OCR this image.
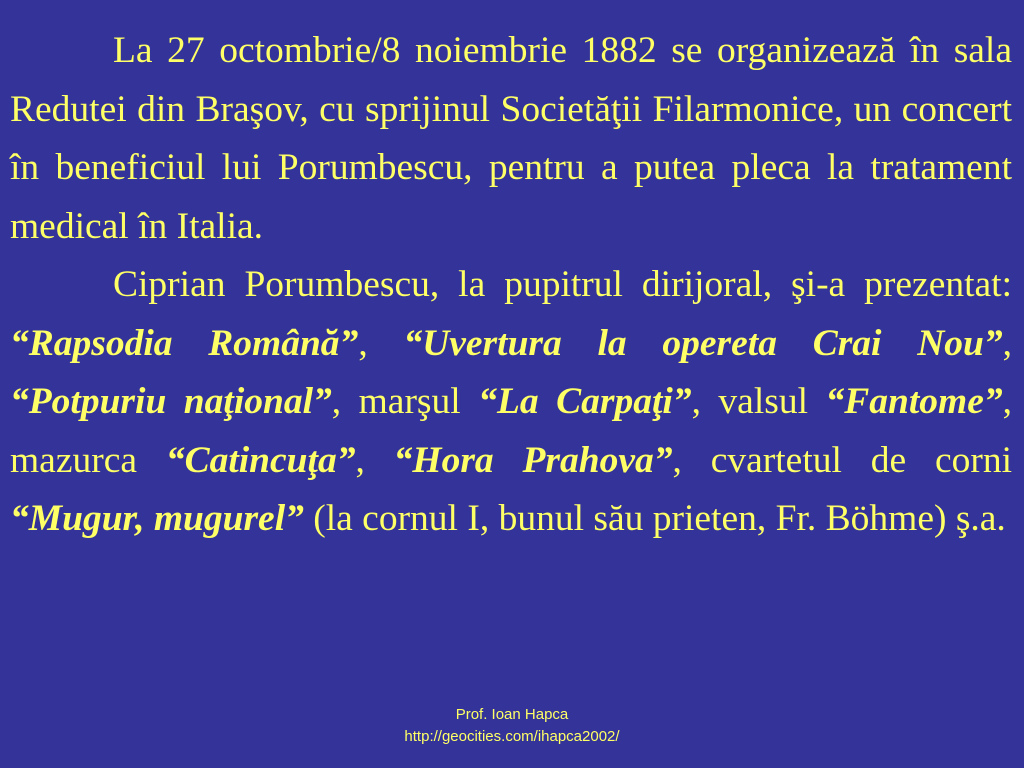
La 27 octombrie/8 noiembrie 1882 se organizează în sala Redutei din Braşov, cu sprijinul Societăţii Filarmonice, un concert în beneficiul lui Porumbescu, pentru a putea pleca la tratament medical în Italia.

Ciprian Porumbescu, la pupitrul dirijoral, şi-a prezentat: “Rapsodia Română”, “Uvertura la opereta Crai Nou”, “Potpuriu naţional”, marşul “La Carpaţi”, valsul “Fantome”, mazurca “Catincuţa”, “Hora Prahova”, cvartetul de corni “Mugur, mugurel” (la cornul I, bunul său prieten, Fr. Böhme) ş.a.

Prof. Ioan Hapca
http://geocities.com/ihapca2002/
